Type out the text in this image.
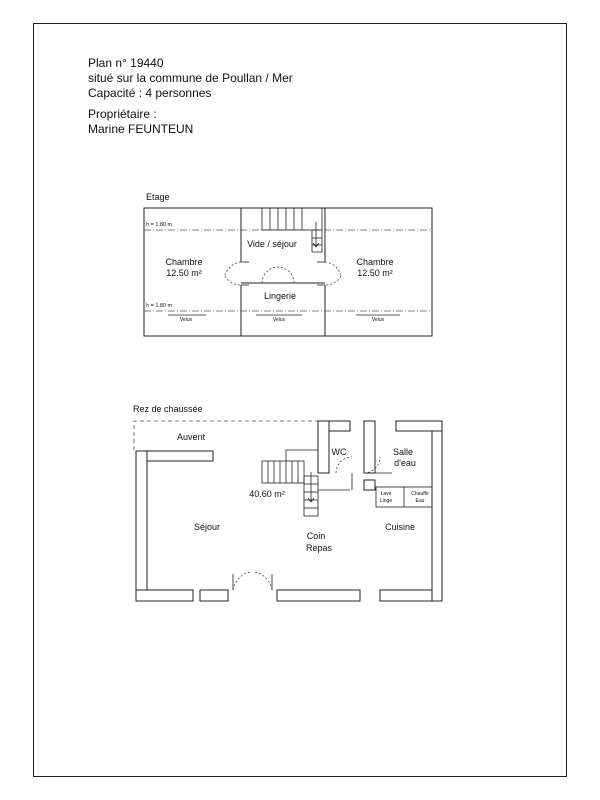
Plan n° 19440
situé sur la commune de Poullan / Mer
Capacité : 4 personnes
Propriétaire :
Marine FEUNTEUN
Etage
h = 1.80 m
h = 1.80 m
Chambre
12.50 m²
Vide / séjour
Chambre
12.50 m²
Lingerie
Velux	Velux	Velux
Rez de chaussée
Auvent
40.60 m²
WC	Salle
d'eau
Lave
Linge
Chauffe
Eau
Séjour
Coin
Repas
Cuisine
